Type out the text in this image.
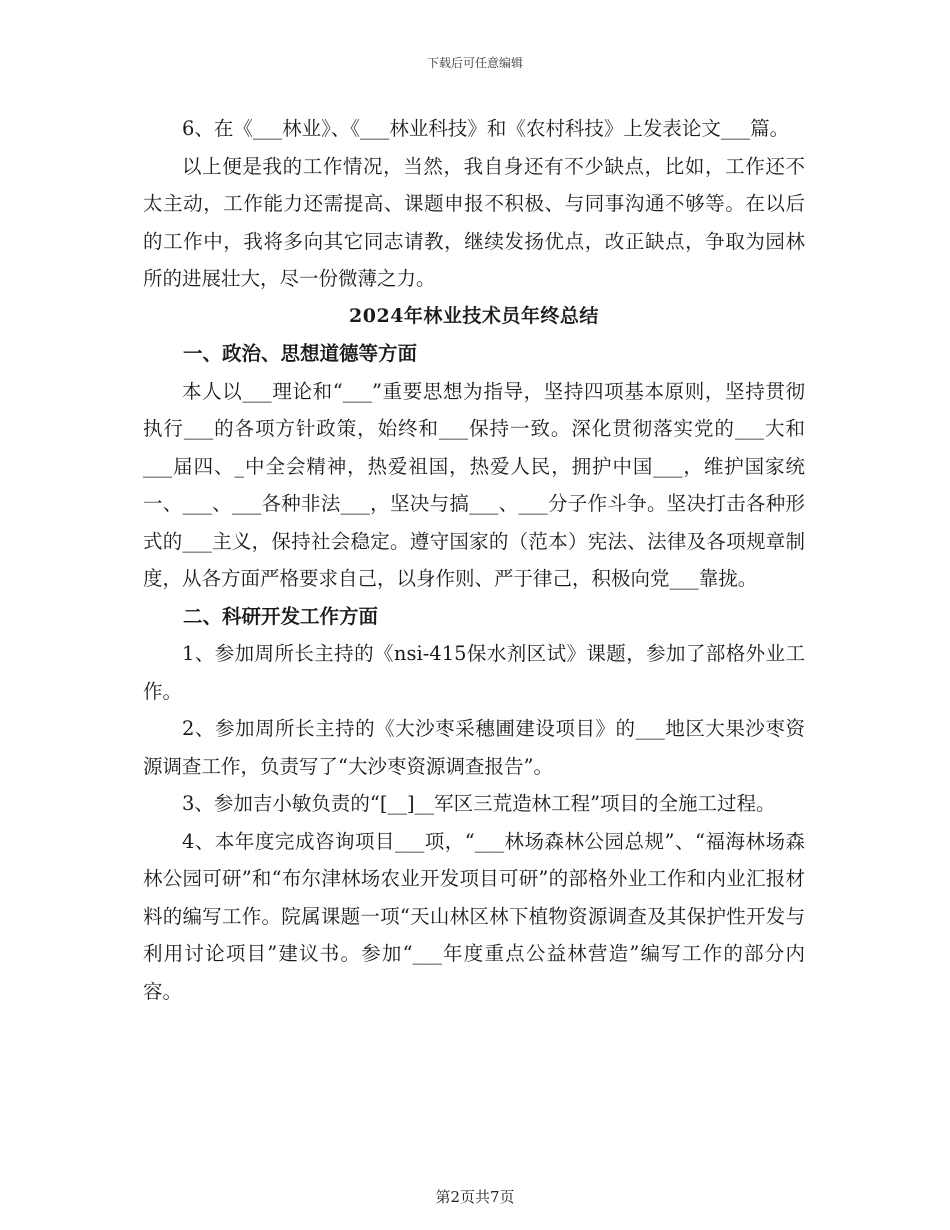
下载后可任意编辑

6、在《___林业》、《___林业科技》和《农村科技》上发表论文___篇。

以上便是我的工作情况，当然，我自身还有不少缺点，比如，工作还不太主动，工作能力还需提高、课题申报不积极、与同事沟通不够等。在以后的工作中，我将多向其它同志请教，继续发扬优点，改正缺点，争取为园林所的进展壮大，尽一份微薄之力。

2024年林业技术员年终总结

一、政治、思想道德等方面

本人以___理论和“___”重要思想为指导，坚持四项基本原则，坚持贯彻执行___的各项方针政策，始终和___保持一致。深化贯彻落实党的___大和___届四、_中全会精神，热爱祖国，热爱人民，拥护中国___，维护国家统一、___、___各种非法___，坚决与搞___、___分子作斗争。坚决打击各种形式的___主义，保持社会稳定。遵守国家的（范本）宪法、法律及各项规章制度，从各方面严格要求自己，以身作则、严于律己，积极向党___靠拢。

二、科研开发工作方面

1、参加周所长主持的《nsi-415保水剂区试》课题，参加了部格外业工作。

2、参加周所长主持的《大沙枣采穗圃建设项目》的___地区大果沙枣资源调查工作，负责写了“大沙枣资源调查报告”。

3、参加吉小敏负责的“[__]__军区三荒造林工程”项目的全施工过程。

4、本年度完成咨询项目___项，“___林场森林公园总规”、“福海林场森林公园可研”和“布尔津林场农业开发项目可研”的部格外业工作和内业汇报材料的编写工作。院属课题一项“天山林区林下植物资源调查及其保护性开发与利用讨论项目”建议书。参加“___年度重点公益林营造”编写工作的部分内容。

第2页共7页
